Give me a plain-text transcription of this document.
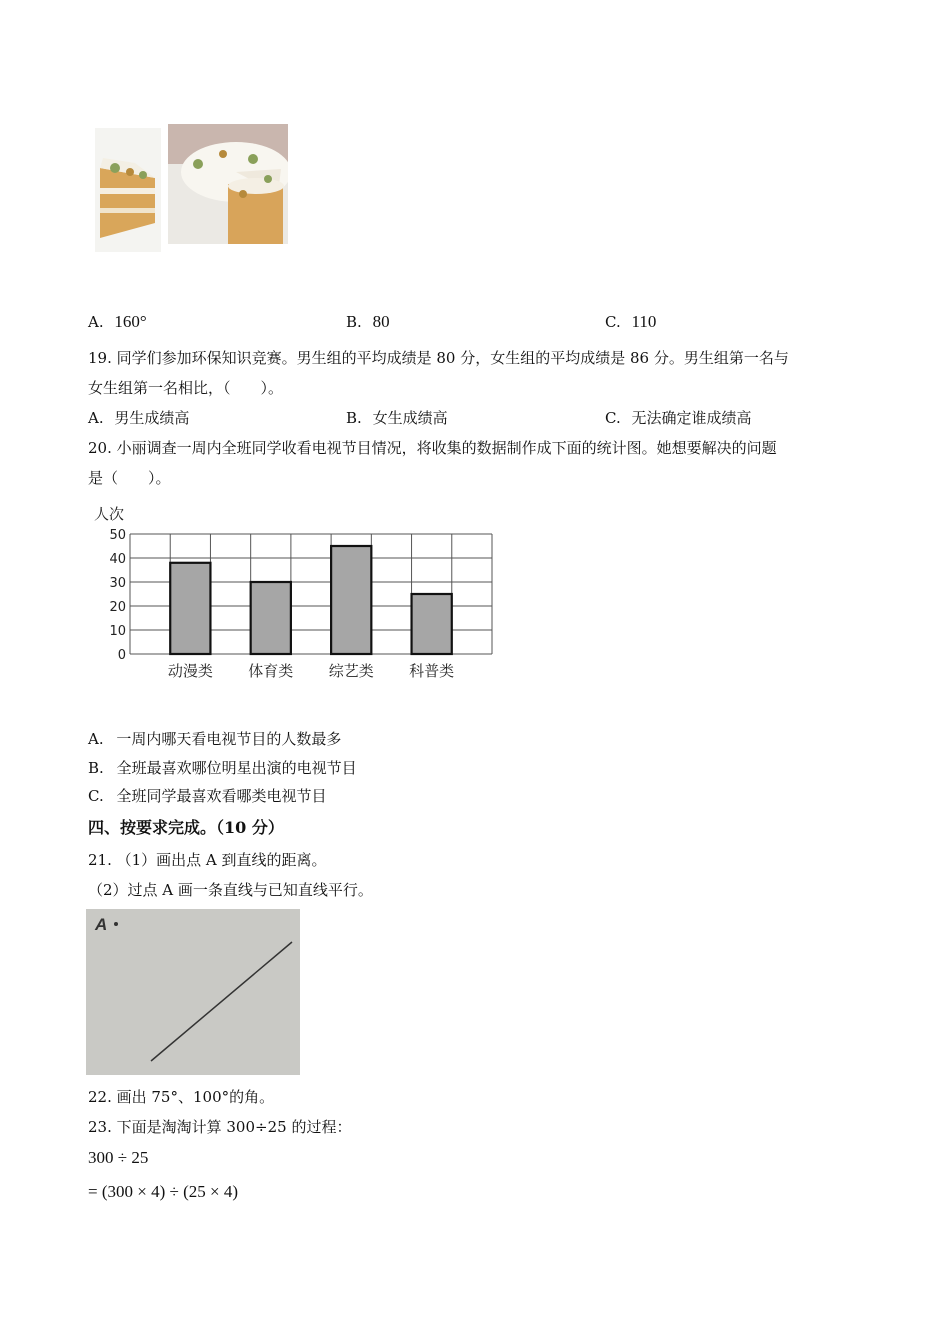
A. 160°	B. 80	C. 110
19. 同学们参加环保知识竞赛。男生组的平均成绩是 80 分，女生组的平均成绩是 86 分。男生组第一名与
女生组第一名相比，（　　）。
A. 男生成绩高	B. 女生成绩高	C. 无法确定谁成绩高
20. 小丽调查一周内全班同学收看电视节目情况，将收集的数据制作成下面的统计图。她想要解决的问题
是（　　）。
人次
0
10
20
30
40
50
动漫类 体育类 综艺类 科普类
A. 一周内哪天看电视节目的人数最多
B. 全班最喜欢哪位明星出演的电视节目
C. 全班同学最喜欢看哪类电视节目
四、按要求完成。（10 分）
21. （1）画出点 A 到直线的距离。
（2）过点 A 画一条直线与已知直线平行。
A
22. 画出 75°、100°的角。
23. 下面是淘淘计算 300÷25 的过程：
300 ÷ 25
= (300 × 4) ÷ (25 × 4)
